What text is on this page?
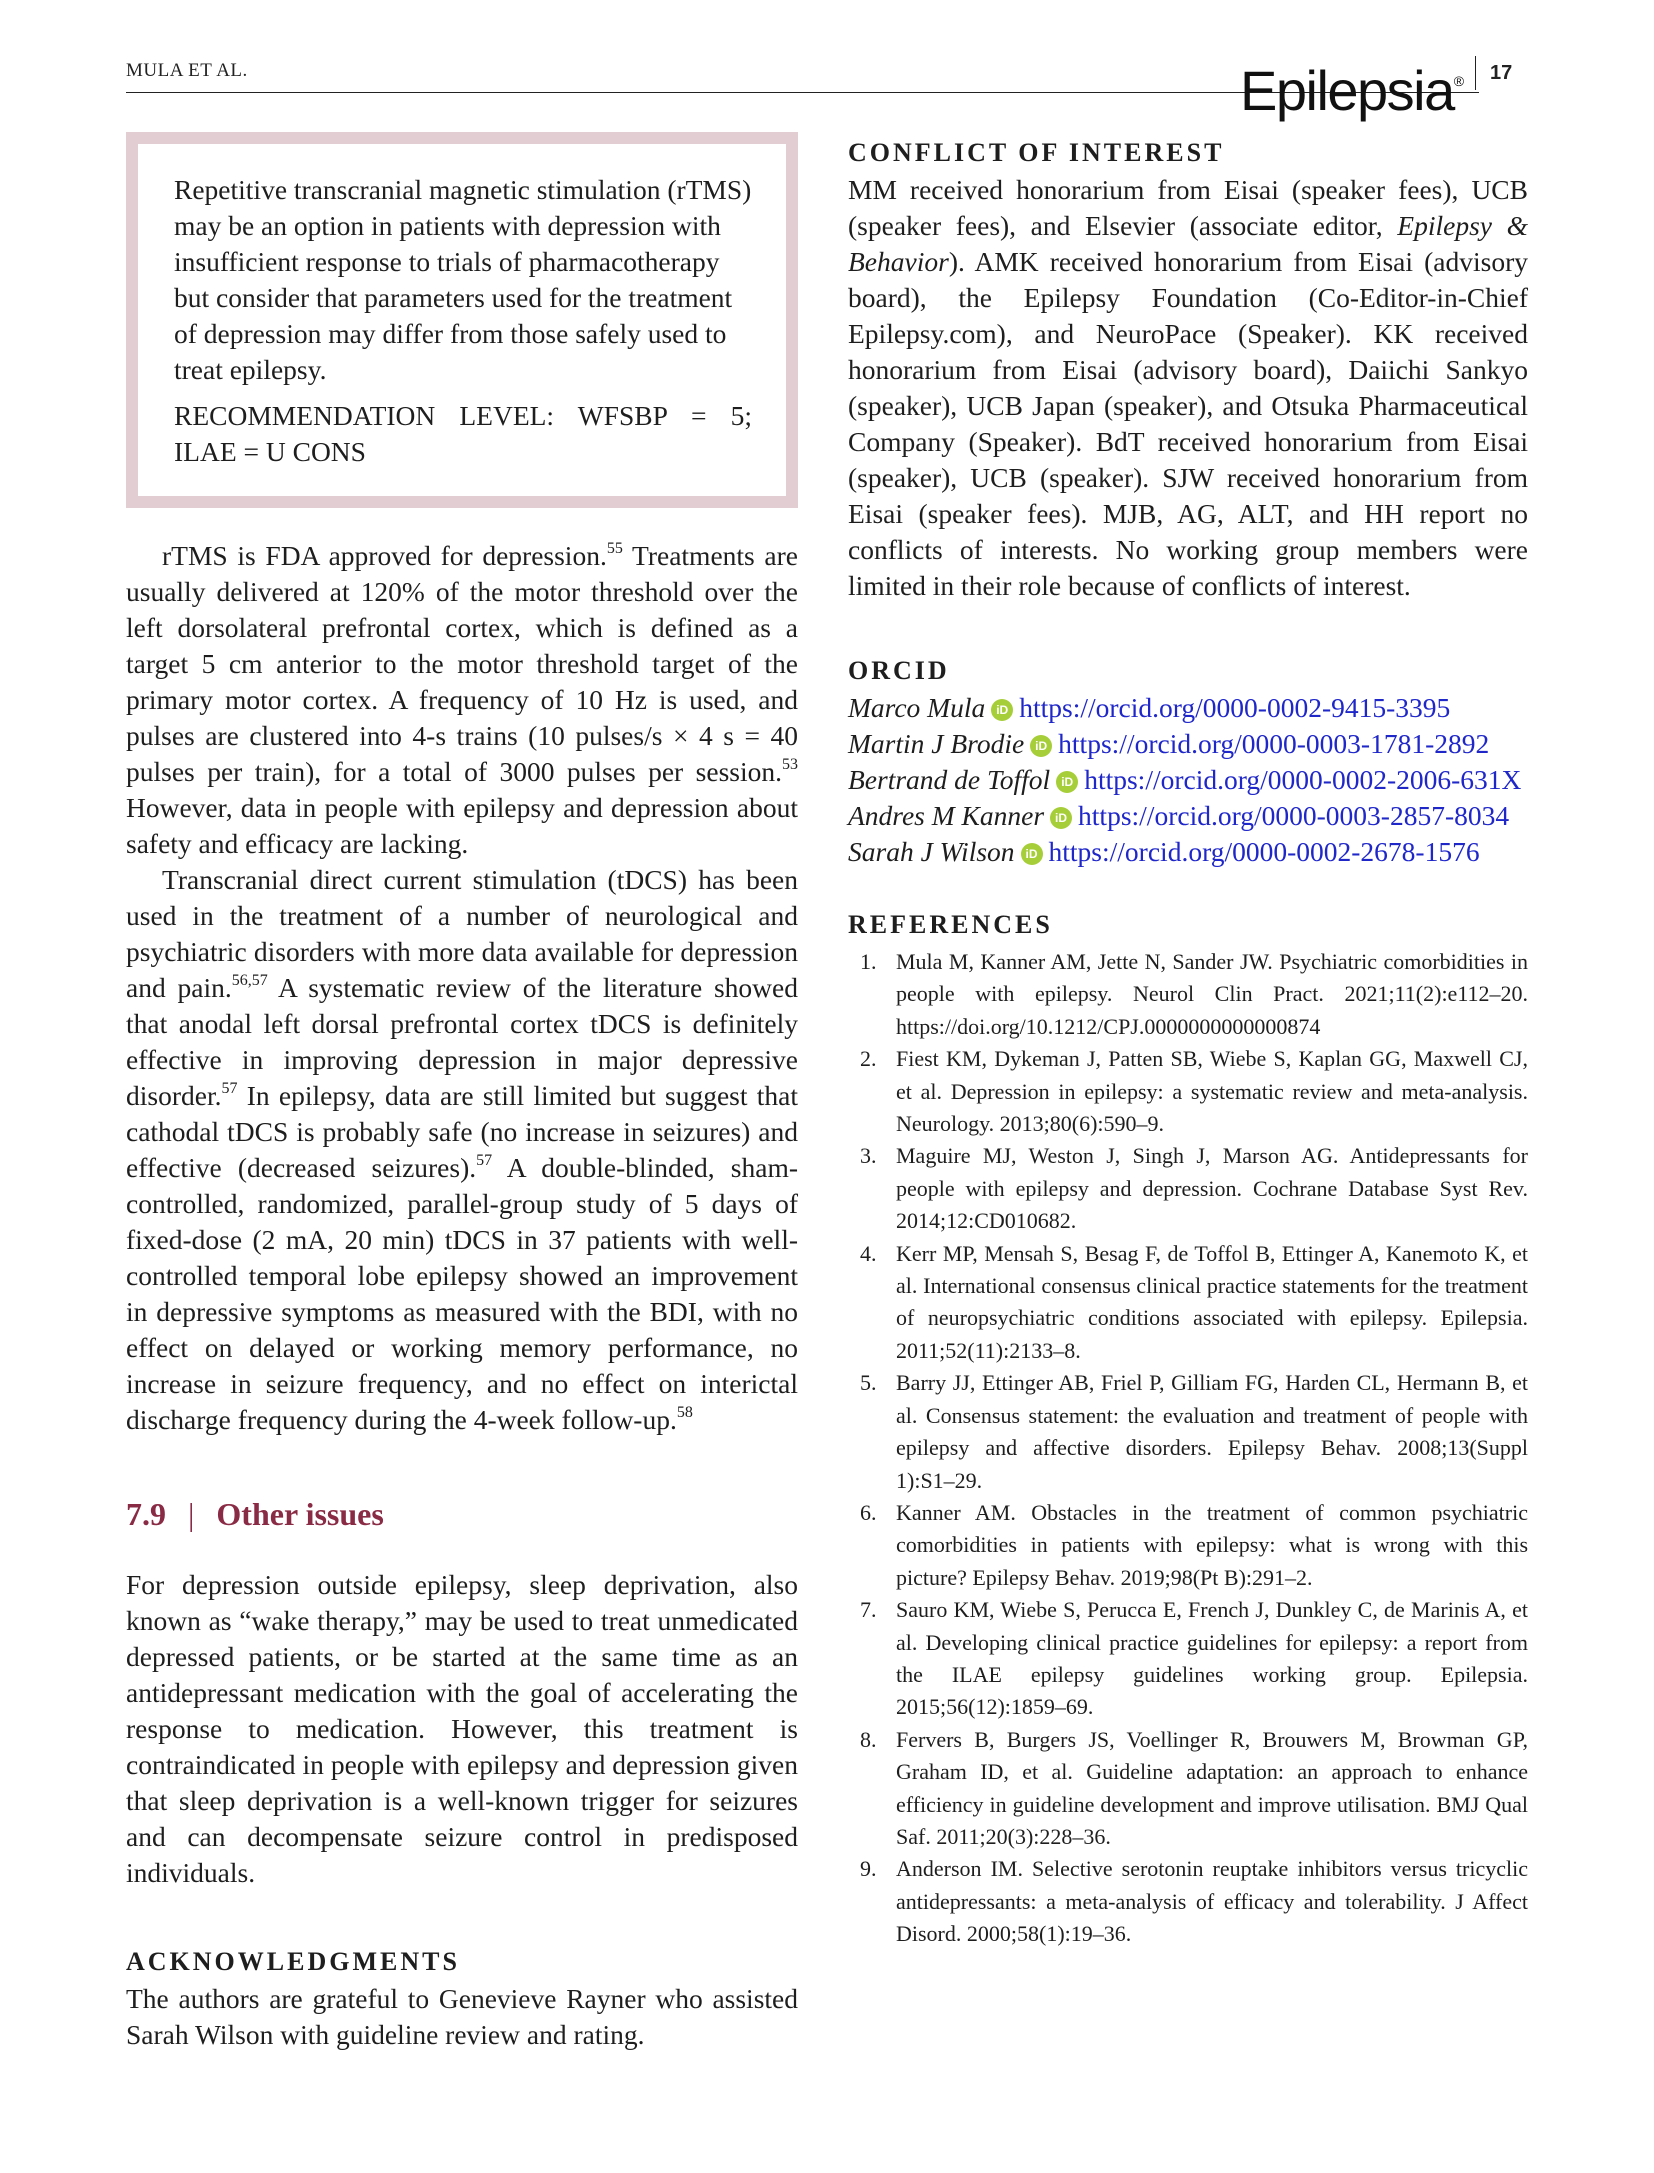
MULA ET AL.	Epilepsia® 17

Repetitive transcranial magnetic stimulation (rTMS) may be an option in patients with depression with insufficient response to trials of pharmacotherapy but consider that parameters used for the treatment of depression may differ from those safely used to treat epilepsy.

RECOMMENDATION LEVEL: WFSBP = 5; ILAE = U CONS

rTMS is FDA approved for depression.$^{55}$ Treatments are usually delivered at 120% of the motor threshold over the left dorsolateral prefrontal cortex, which is defined as a target 5 cm anterior to the motor threshold target of the primary motor cortex. A frequency of 10 Hz is used, and pulses are clustered into 4-s trains (10 pulses/s × 4 s = 40 pulses per train), for a total of 3000 pulses per session.$^{53}$ However, data in people with epilepsy and depression about safety and efficacy are lacking.

Transcranial direct current stimulation (tDCS) has been used in the treatment of a number of neurological and psychiatric disorders with more data available for depression and pain.$^{56,57}$ A systematic review of the literature showed that anodal left dorsal prefrontal cortex tDCS is definitely effective in improving depression in major depressive disorder.$^{57}$ In epilepsy, data are still limited but suggest that cathodal tDCS is probably safe (no increase in seizures) and effective (decreased seizures).$^{57}$ A double-blinded, sham-controlled, randomized, parallel-group study of 5 days of fixed-dose (2 mA, 20 min) tDCS in 37 patients with well-controlled temporal lobe epilepsy showed an improvement in depressive symptoms as measured with the BDI, with no effect on delayed or working memory performance, no increase in seizure frequency, and no effect on interictal discharge frequency during the 4-week follow-up.$^{58}$

7.9 | Other issues

For depression outside epilepsy, sleep deprivation, also known as “wake therapy,” may be used to treat unmedicated depressed patients, or be started at the same time as an antidepressant medication with the goal of accelerating the response to medication. However, this treatment is contraindicated in people with epilepsy and depression given that sleep deprivation is a well-known trigger for seizures and can decompensate seizure control in predisposed individuals.

ACKNOWLEDGMENTS

The authors are grateful to Genevieve Rayner who assisted Sarah Wilson with guideline review and rating.

CONFLICT OF INTEREST

MM received honorarium from Eisai (speaker fees), UCB (speaker fees), and Elsevier (associate editor, Epilepsy & Behavior). AMK received honorarium from Eisai (advisory board), the Epilepsy Foundation (Co-Editor-in-Chief Epilepsy.com), and NeuroPace (Speaker). KK received honorarium from Eisai (advisory board), Daiichi Sankyo (speaker), UCB Japan (speaker), and Otsuka Pharmaceutical Company (Speaker). BdT received honorarium from Eisai (speaker), UCB (speaker). SJW received honorarium from Eisai (speaker fees). MJB, AG, ALT, and HH report no conflicts of interests. No working group members were limited in their role because of conflicts of interest.

ORCID
Marco Mula iD https://orcid.org/0000-0002-9415-3395
Martin J Brodie iD https://orcid.org/0000-0003-1781-2892
Bertrand de Toffol iD https://orcid.org/0000-0002-2006-631X
Andres M Kanner iD https://orcid.org/0000-0003-2857-8034
Sarah J Wilson iD https://orcid.org/0000-0002-2678-1576
REFERENCES
1. Mula M, Kanner AM, Jette N, Sander JW. Psychiatric comorbidities in people with epilepsy. Neurol Clin Pract. 2021;11(2):e112–20. https://doi.org/10.1212/CPJ.0000000000000874
2. Fiest KM, Dykeman J, Patten SB, Wiebe S, Kaplan GG, Maxwell CJ, et al. Depression in epilepsy: a systematic review and meta-analysis. Neurology. 2013;80(6):590–9.
3. Maguire MJ, Weston J, Singh J, Marson AG. Antidepressants for people with epilepsy and depression. Cochrane Database Syst Rev. 2014;12:CD010682.
4. Kerr MP, Mensah S, Besag F, de Toffol B, Ettinger A, Kanemoto K, et al. International consensus clinical practice statements for the treatment of neuropsychiatric conditions associated with epilepsy. Epilepsia. 2011;52(11):2133–8.
5. Barry JJ, Ettinger AB, Friel P, Gilliam FG, Harden CL, Hermann B, et al. Consensus statement: the evaluation and treatment of people with epilepsy and affective disorders. Epilepsy Behav. 2008;13(Suppl 1):S1–29.
6. Kanner AM. Obstacles in the treatment of common psychiatric comorbidities in patients with epilepsy: what is wrong with this picture? Epilepsy Behav. 2019;98(Pt B):291–2.
7. Sauro KM, Wiebe S, Perucca E, French J, Dunkley C, de Marinis A, et al. Developing clinical practice guidelines for epilepsy: a report from the ILAE epilepsy guidelines working group. Epilepsia. 2015;56(12):1859–69.
8. Fervers B, Burgers JS, Voellinger R, Brouwers M, Browman GP, Graham ID, et al. Guideline adaptation: an approach to enhance efficiency in guideline development and improve utilisation. BMJ Qual Saf. 2011;20(3):228–36.
9. Anderson IM. Selective serotonin reuptake inhibitors versus tricyclic antidepressants: a meta-analysis of efficacy and tolerability. J Affect Disord. 2000;58(1):19–36.
